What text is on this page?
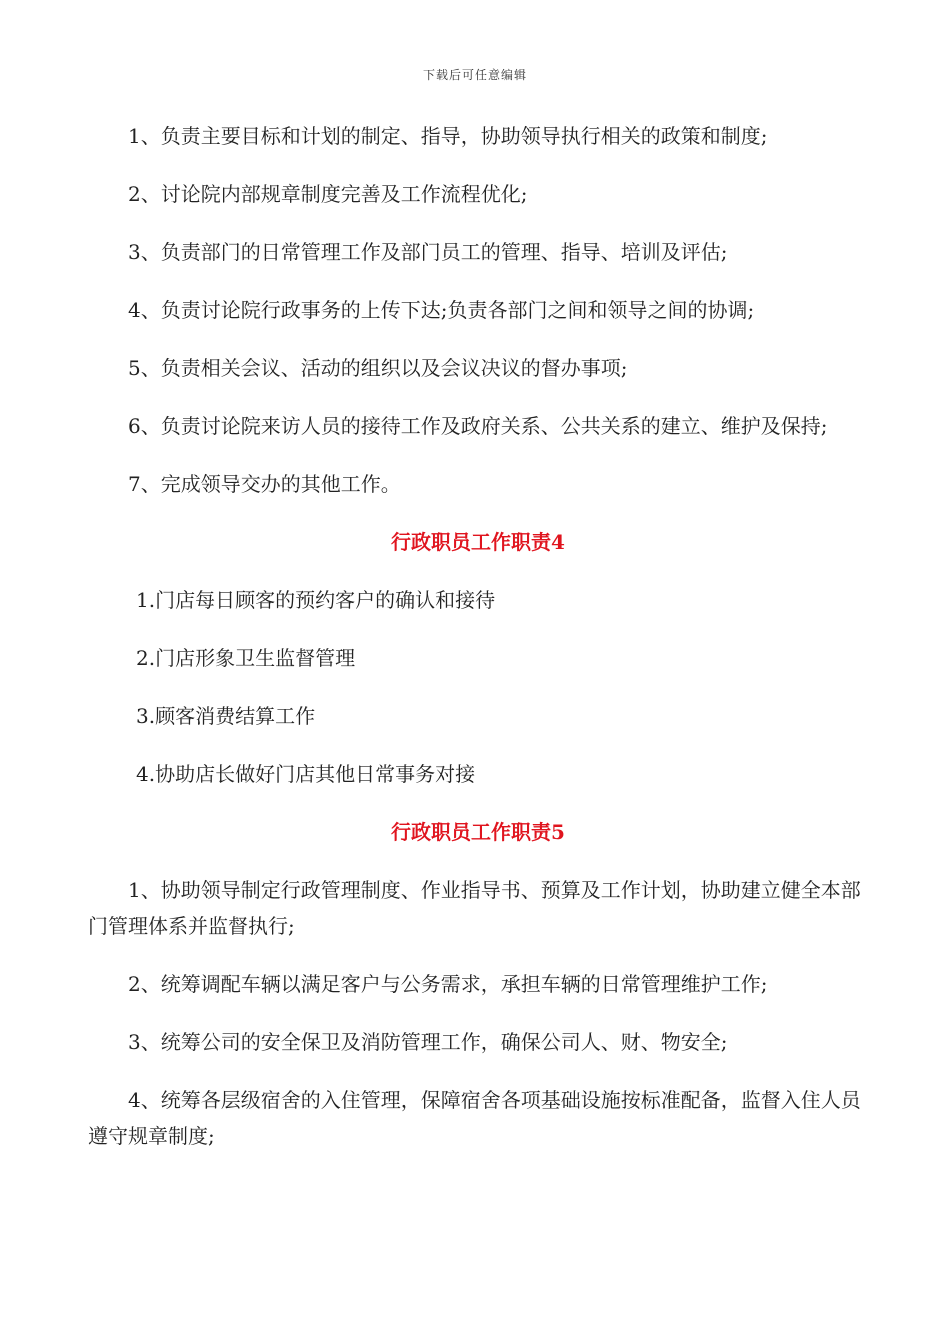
下载后可任意编辑

1、负责主要目标和计划的制定、指导，协助领导执行相关的政策和制度;

2、讨论院内部规章制度完善及工作流程优化;

3、负责部门的日常管理工作及部门员工的管理、指导、培训及评估;

4、负责讨论院行政事务的上传下达;负责各部门之间和领导之间的协调;

5、负责相关会议、活动的组织以及会议决议的督办事项;

6、负责讨论院来访人员的接待工作及政府关系、公共关系的建立、维护及保持;

7、完成领导交办的其他工作。

行政职员工作职责4

1.门店每日顾客的预约客户的确认和接待

2.门店形象卫生监督管理

3.顾客消费结算工作

4.协助店长做好门店其他日常事务对接

行政职员工作职责5

1、协助领导制定行政管理制度、作业指导书、预算及工作计划，协助建立健全本部门管理体系并监督执行;

2、统筹调配车辆以满足客户与公务需求，承担车辆的日常管理维护工作;

3、统筹公司的安全保卫及消防管理工作，确保公司人、财、物安全;

4、统筹各层级宿舍的入住管理，保障宿舍各项基础设施按标准配备，监督入住人员遵守规章制度;
